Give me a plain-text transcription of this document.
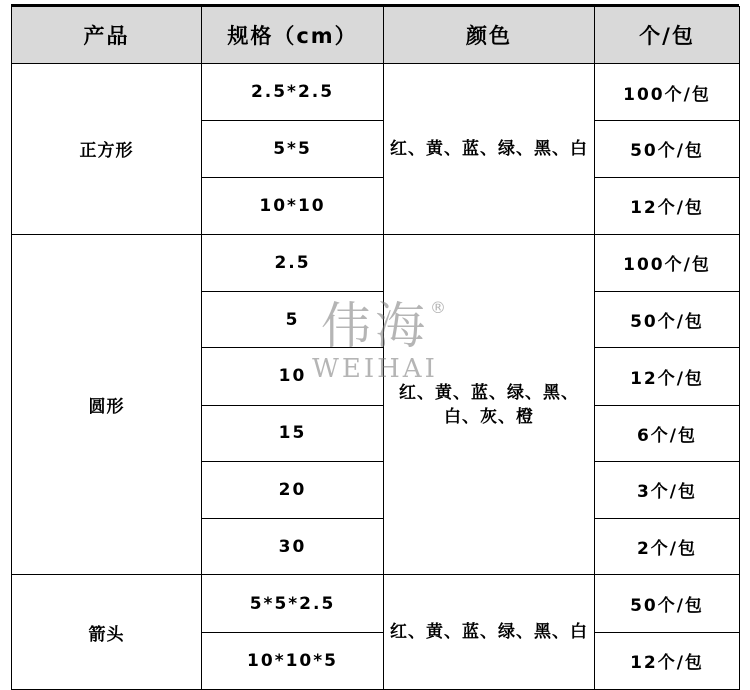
产品	规格（cm）	颜色	个/包
正方形	2.5*2.5	红、黄、蓝、绿、黑、白	100个/包
	5*5		50个/包
	10*10		12个/包
圆形	2.5	红、黄、蓝、绿、黑、白、灰、橙	100个/包
	5		50个/包
	10		12个/包
	15		6个/包
	20		3个/包
	30		2个/包
箭头	5*5*2.5	红、黄、蓝、绿、黑、白	50个/包
	10*10*5		12个/包
®
伟海
WEIHAI
